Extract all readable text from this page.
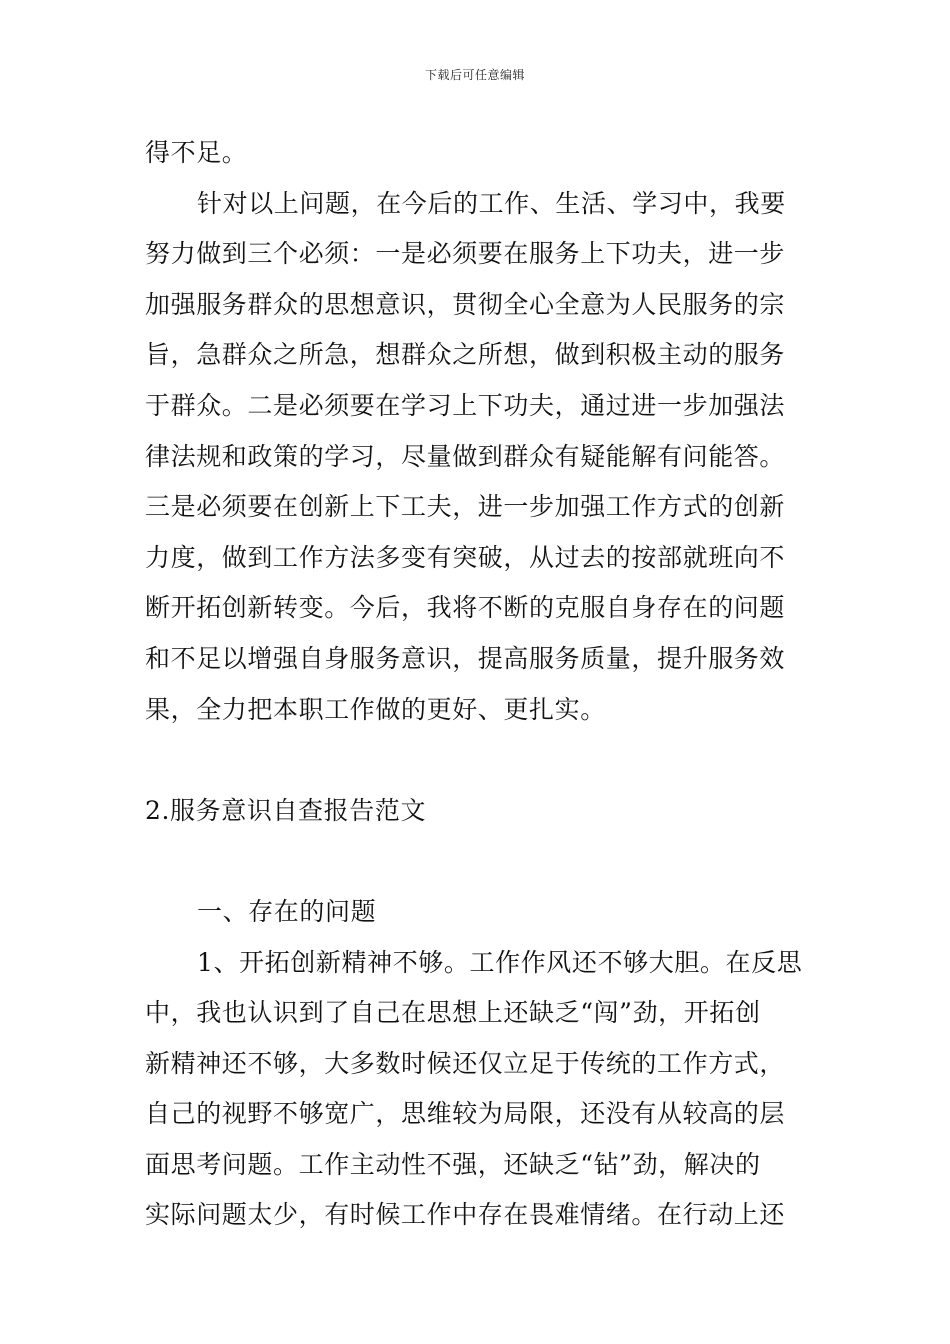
下载后可任意编辑
得不足。
针对以上问题，在今后的工作、生活、学习中，我要
努力做到三个必须：一是必须要在服务上下功夫，进一步
加强服务群众的思想意识，贯彻全心全意为人民服务的宗
旨，急群众之所急，想群众之所想，做到积极主动的服务
于群众。二是必须要在学习上下功夫，通过进一步加强法
律法规和政策的学习，尽量做到群众有疑能解有问能答。
三是必须要在创新上下工夫，进一步加强工作方式的创新
力度，做到工作方法多变有突破，从过去的按部就班向不
断开拓创新转变。今后，我将不断的克服自身存在的问题
和不足以增强自身服务意识，提高服务质量，提升服务效
果，全力把本职工作做的更好、更扎实。
2.服务意识自查报告范文
一、存在的问题
1、开拓创新精神不够。工作作风还不够大胆。在反思
中，我也认识到了自己在思想上还缺乏“闯”劲，开拓创
新精神还不够，大多数时候还仅立足于传统的工作方式，
自己的视野不够宽广，思维较为局限，还没有从较高的层
面思考问题。工作主动性不强，还缺乏“钻”劲，解决的
实际问题太少，有时候工作中存在畏难情绪。在行动上还
